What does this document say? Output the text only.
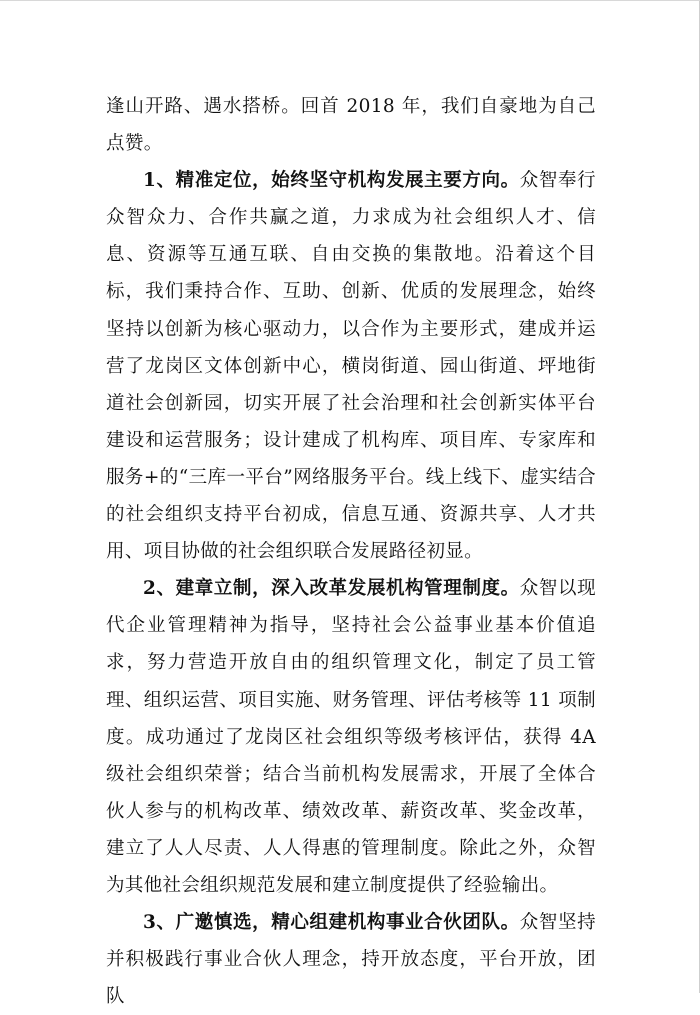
逢山开路、遇水搭桥。回首 2018 年，我们自豪地为自己点赞。

1、精准定位，始终坚守机构发展主要方向。众智奉行众智众力、合作共赢之道，力求成为社会组织人才、信息、资源等互通互联、自由交换的集散地。沿着这个目标，我们秉持合作、互助、创新、优质的发展理念，始终坚持以创新为核心驱动力，以合作为主要形式，建成并运营了龙岗区文体创新中心，横岗街道、园山街道、坪地街道社会创新园，切实开展了社会治理和社会创新实体平台建设和运营服务；设计建成了机构库、项目库、专家库和服务+的“三库一平台”网络服务平台。线上线下、虚实结合的社会组织支持平台初成，信息互通、资源共享、人才共用、项目协做的社会组织联合发展路径初显。

2、建章立制，深入改革发展机构管理制度。众智以现代企业管理精神为指导，坚持社会公益事业基本价值追求，努力营造开放自由的组织管理文化，制定了员工管理、组织运营、项目实施、财务管理、评估考核等 11 项制度。成功通过了龙岗区社会组织等级考核评估，获得 4A 级社会组织荣誉；结合当前机构发展需求，开展了全体合伙人参与的机构改革、绩效改革、薪资改革、奖金改革，建立了人人尽责、人人得惠的管理制度。除此之外，众智为其他社会组织规范发展和建立制度提供了经验输出。

3、广邀慎选，精心组建机构事业合伙团队。众智坚持并积极践行事业合伙人理念，持开放态度，平台开放，团队
